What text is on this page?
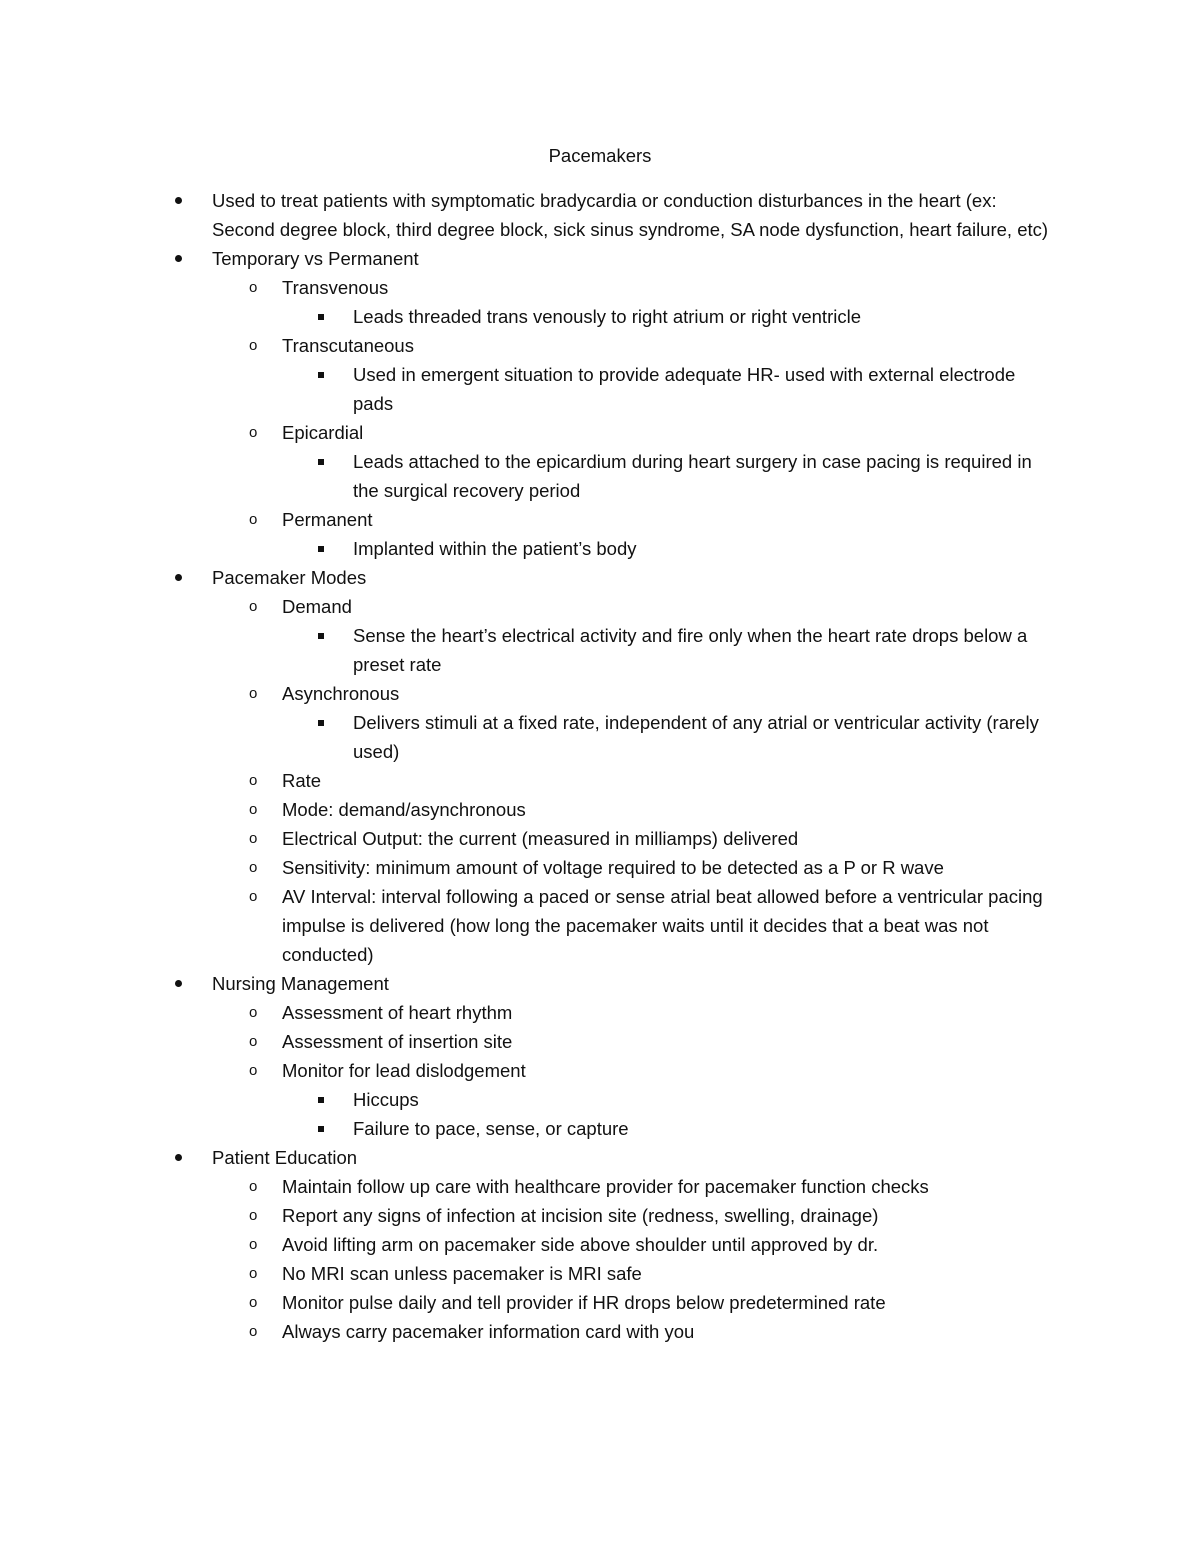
Pacemakers
Used to treat patients with symptomatic bradycardia or conduction disturbances in the heart (ex: Second degree block, third degree block, sick sinus syndrome, SA node dysfunction, heart failure, etc)
Temporary vs Permanent
o Transvenous
Leads threaded trans venously to right atrium or right ventricle
o Transcutaneous
Used in emergent situation to provide adequate HR- used with external electrode pads
o Epicardial
Leads attached to the epicardium during heart surgery in case pacing is required in the surgical recovery period
o Permanent
Implanted within the patient’s body
Pacemaker Modes
o Demand
Sense the heart’s electrical activity and fire only when the heart rate drops below a preset rate
o Asynchronous
Delivers stimuli at a fixed rate, independent of any atrial or ventricular activity (rarely used)
o Rate
o Mode: demand/asynchronous
o Electrical Output: the current (measured in milliamps) delivered
o Sensitivity: minimum amount of voltage required to be detected as a P or R wave
o AV Interval: interval following a paced or sense atrial beat allowed before a ventricular pacing impulse is delivered (how long the pacemaker waits until it decides that a beat was not conducted)
Nursing Management
o Assessment of heart rhythm
o Assessment of insertion site
o Monitor for lead dislodgement
Hiccups
Failure to pace, sense, or capture
Patient Education
o Maintain follow up care with healthcare provider for pacemaker function checks
o Report any signs of infection at incision site (redness, swelling, drainage)
o Avoid lifting arm on pacemaker side above shoulder until approved by dr.
o No MRI scan unless pacemaker is MRI safe
o Monitor pulse daily and tell provider if HR drops below predetermined rate
o Always carry pacemaker information card with you
